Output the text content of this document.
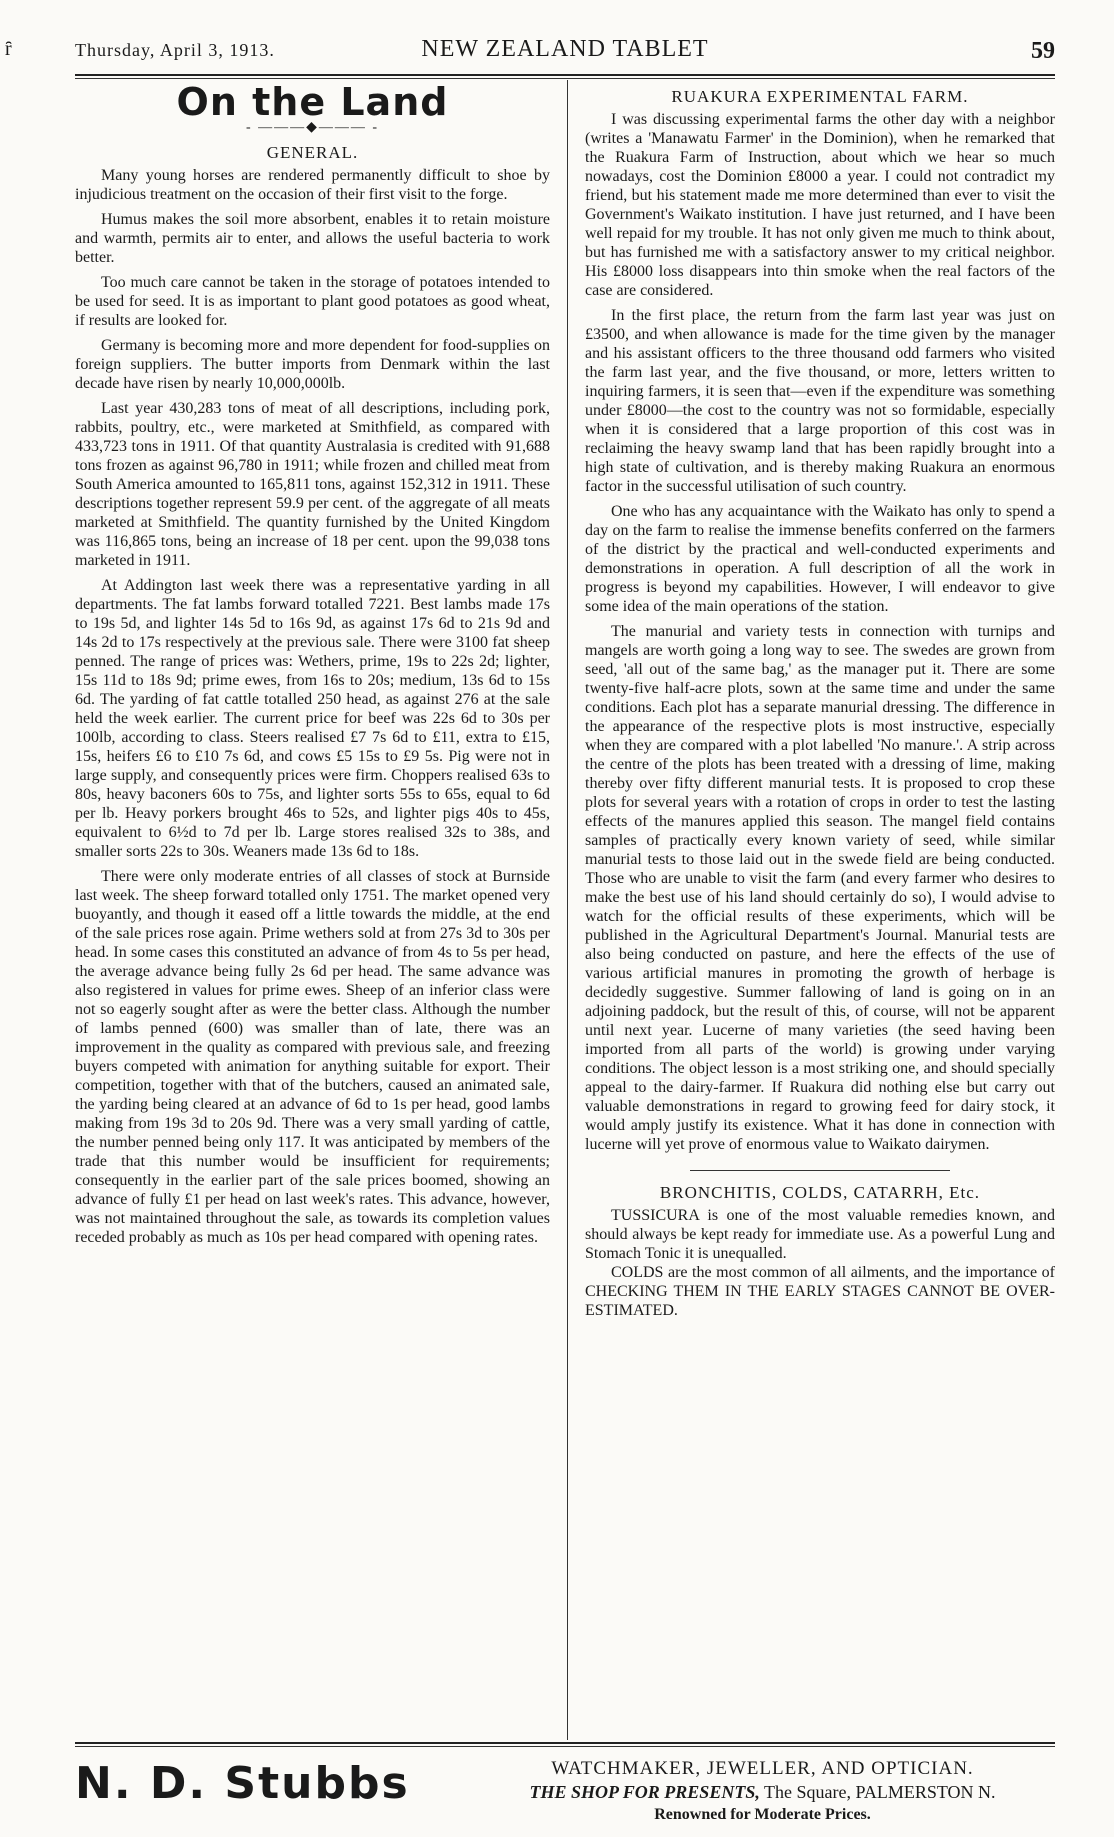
ȓ	Thursday, April 3, 1913.	NEW ZEALAND TABLET	59
On the Land
- ———◆——— -
GENERAL.

Many young horses are rendered permanently difficult to shoe by injudicious treatment on the occasion of their first visit to the forge.

Humus makes the soil more absorbent, enables it to retain moisture and warmth, permits air to enter, and allows the useful bacteria to work better.

Too much care cannot be taken in the storage of potatoes intended to be used for seed. It is as important to plant good potatoes as good wheat, if results are looked for.

Germany is becoming more and more dependent for food-supplies on foreign suppliers. The butter imports from Denmark within the last decade have risen by nearly 10,000,000lb.

Last year 430,283 tons of meat of all descriptions, including pork, rabbits, poultry, etc., were marketed at Smithfield, as compared with 433,723 tons in 1911. Of that quantity Australasia is credited with 91,688 tons frozen as against 96,780 in 1911; while frozen and chilled meat from South America amounted to 165,811 tons, against 152,312 in 1911. These descriptions together represent 59.9 per cent. of the aggregate of all meats marketed at Smithfield. The quantity furnished by the United Kingdom was 116,865 tons, being an increase of 18 per cent. upon the 99,038 tons marketed in 1911.

At Addington last week there was a representative yarding in all departments. The fat lambs forward totalled 7221. Best lambs made 17s to 19s 5d, and lighter 14s 5d to 16s 9d, as against 17s 6d to 21s 9d and 14s 2d to 17s respectively at the previous sale. There were 3100 fat sheep penned. The range of prices was: Wethers, prime, 19s to 22s 2d; lighter, 15s 11d to 18s 9d; prime ewes, from 16s to 20s; medium, 13s 6d to 15s 6d. The yarding of fat cattle totalled 250 head, as against 276 at the sale held the week earlier. The current price for beef was 22s 6d to 30s per 100lb, according to class. Steers realised £7 7s 6d to £11, extra to £15, 15s, heifers £6 to £10 7s 6d, and cows £5 15s to £9 5s. Pig were not in large supply, and consequently prices were firm. Choppers realised 63s to 80s, heavy baconers 60s to 75s, and lighter sorts 55s to 65s, equal to 6d per lb. Heavy porkers brought 46s to 52s, and lighter pigs 40s to 45s, equivalent to 6½d to 7d per lb. Large stores realised 32s to 38s, and smaller sorts 22s to 30s. Weaners made 13s 6d to 18s.

There were only moderate entries of all classes of stock at Burnside last week. The sheep forward totalled only 1751. The market opened very buoyantly, and though it eased off a little towards the middle, at the end of the sale prices rose again. Prime wethers sold at from 27s 3d to 30s per head. In some cases this constituted an advance of from 4s to 5s per head, the average advance being fully 2s 6d per head. The same advance was also registered in values for prime ewes. Sheep of an inferior class were not so eagerly sought after as were the better class. Although the number of lambs penned (600) was smaller than of late, there was an improvement in the quality as compared with previous sale, and freezing buyers competed with animation for anything suitable for export. Their competition, together with that of the butchers, caused an animated sale, the yarding being cleared at an advance of 6d to 1s per head, good lambs making from 19s 3d to 20s 9d. There was a very small yarding of cattle, the number penned being only 117. It was anticipated by members of the trade that this number would be insufficient for requirements; consequently in the earlier part of the sale prices boomed, showing an advance of fully £1 per head on last week's rates. This advance, however, was not maintained throughout the sale, as towards its completion values receded probably as much as 10s per head compared with opening rates.

RUAKURA EXPERIMENTAL FARM.

I was discussing experimental farms the other day with a neighbor (writes a 'Manawatu Farmer' in the Dominion), when he remarked that the Ruakura Farm of Instruction, about which we hear so much nowadays, cost the Dominion £8000 a year. I could not contradict my friend, but his statement made me more determined than ever to visit the Government's Waikato institution. I have just returned, and I have been well repaid for my trouble. It has not only given me much to think about, but has furnished me with a satisfactory answer to my critical neighbor. His £8000 loss disappears into thin smoke when the real factors of the case are considered.

In the first place, the return from the farm last year was just on £3500, and when allowance is made for the time given by the manager and his assistant officers to the three thousand odd farmers who visited the farm last year, and the five thousand, or more, letters written to inquiring farmers, it is seen that—even if the expenditure was something under £8000—the cost to the country was not so formidable, especially when it is considered that a large proportion of this cost was in reclaiming the heavy swamp land that has been rapidly brought into a high state of cultivation, and is thereby making Ruakura an enormous factor in the successful utilisation of such country.

One who has any acquaintance with the Waikato has only to spend a day on the farm to realise the immense benefits conferred on the farmers of the district by the practical and well-conducted experiments and demonstrations in operation. A full description of all the work in progress is beyond my capabilities. However, I will endeavor to give some idea of the main operations of the station.

The manurial and variety tests in connection with turnips and mangels are worth going a long way to see. The swedes are grown from seed, 'all out of the same bag,' as the manager put it. There are some twenty-five half-acre plots, sown at the same time and under the same conditions. Each plot has a separate manurial dressing. The difference in the appearance of the respective plots is most instructive, especially when they are compared with a plot labelled 'No manure.'. A strip across the centre of the plots has been treated with a dressing of lime, making thereby over fifty different manurial tests. It is proposed to crop these plots for several years with a rotation of crops in order to test the lasting effects of the manures applied this season. The mangel field contains samples of practically every known variety of seed, while similar manurial tests to those laid out in the swede field are being conducted. Those who are unable to visit the farm (and every farmer who desires to make the best use of his land should certainly do so), I would advise to watch for the official results of these experiments, which will be published in the Agricultural Department's Journal. Manurial tests are also being conducted on pasture, and here the effects of the use of various artificial manures in promoting the growth of herbage is decidedly suggestive. Summer fallowing of land is going on in an adjoining paddock, but the result of this, of course, will not be apparent until next year. Lucerne of many varieties (the seed having been imported from all parts of the world) is growing under varying conditions. The object lesson is a most striking one, and should specially appeal to the dairy-farmer. If Ruakura did nothing else but carry out valuable demonstrations in regard to growing feed for dairy stock, it would amply justify its existence. What it has done in connection with lucerne will yet prove of enormous value to Waikato dairymen.

BRONCHITIS, COLDS, CATARRH, Etc.

TUSSICURA is one of the most valuable remedies known, and should always be kept ready for immediate use. As a powerful Lung and Stomach Tonic it is unequalled.

COLDS are the most common of all ailments, and the importance of CHECKING THEM IN THE EARLY STAGES CANNOT BE OVER-ESTIMATED.

N. D. Stubbs	WATCHMAKER, JEWELLER, AND OPTICIAN.
THE SHOP FOR PRESENTS, The Square, PALMERSTON N.
Renowned for Moderate Prices.
